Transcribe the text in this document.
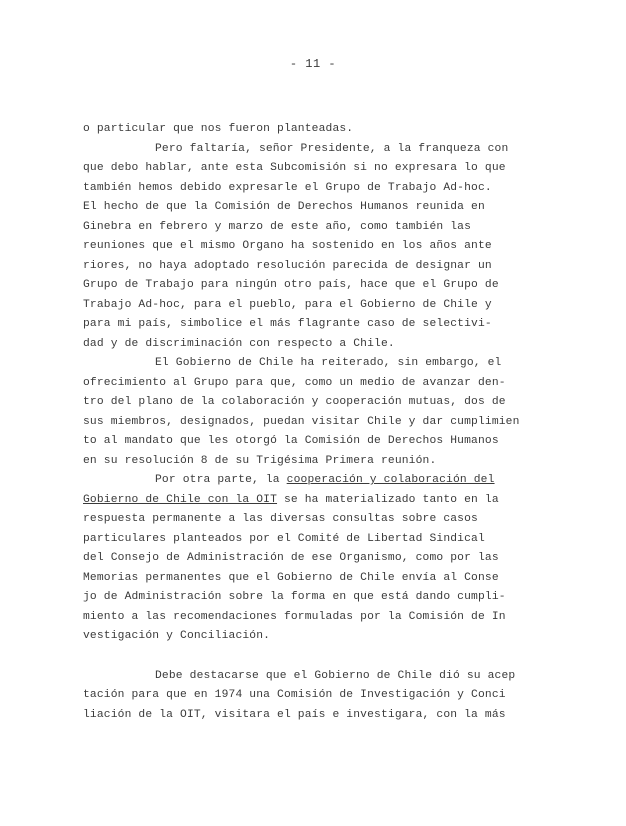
- 11 -
o particular que nos fueron planteadas.
Pero faltaría, señor Presidente, a la franqueza con
que debo hablar, ante esta Subcomisión si no expresara lo que
también hemos debido expresarle el Grupo de Trabajo Ad-hoc.
El hecho de que la Comisión de Derechos Humanos reunida en
Ginebra en febrero y marzo de este año, como también las
reuniones que el mismo Organo ha sostenido en los años ante
riores, no haya adoptado resolución parecida de designar un
Grupo de Trabajo para ningún otro país, hace que el Grupo de
Trabajo Ad-hoc, para el pueblo, para el Gobierno de Chile y
para mi país, simbolice el más flagrante caso de selectivi-
dad y de discriminación con respecto a Chile.
El Gobierno de Chile ha reiterado, sin embargo, el
ofrecimiento al Grupo para que, como un medio de avanzar den-
tro del plano de la colaboración y cooperación mutuas, dos de
sus miembros, designados, puedan visitar Chile y dar cumplimien
to al mandato que les otorgó la Comisión de Derechos Humanos
en su resolución 8 de su Trigésima Primera reunión.
Por otra parte, la cooperación y colaboración del
Gobierno de Chile con la OIT se ha materializado tanto en la
respuesta permanente a las diversas consultas sobre casos
particulares planteados por el Comité de Libertad Sindical
del Consejo de Administración de ese Organismo, como por las
Memorias permanentes que el Gobierno de Chile envía al Conse
jo de Administración sobre la forma en que está dando cumpli-
miento a las recomendaciones formuladas por la Comisión de In
vestigación y Conciliación.
Debe destacarse que el Gobierno de Chile dió su acep
tación para que en 1974 una Comisión de Investigación y Conci
liación de la OIT, visitara el país e investigara, con la más
